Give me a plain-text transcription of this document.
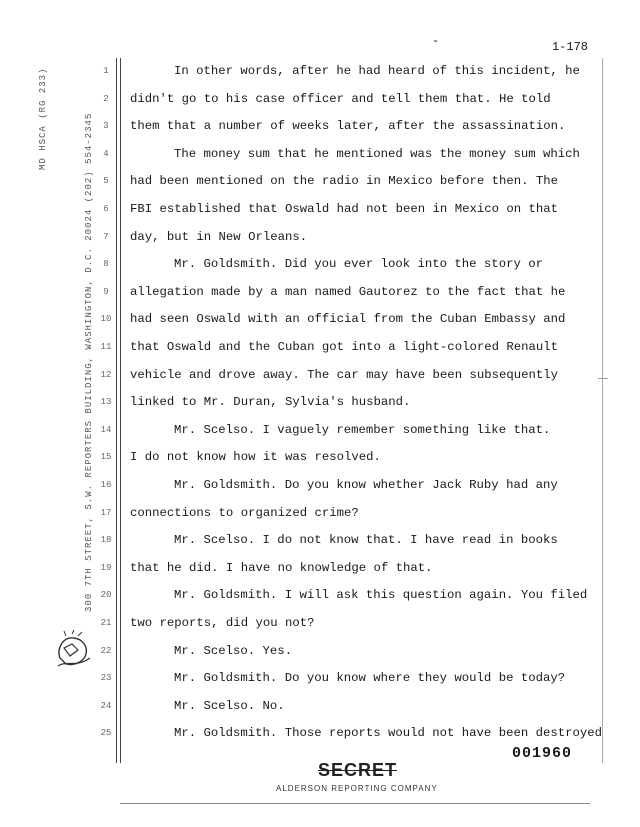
-	1-178
MD HSCA (RG 233)	300 7TH STREET, S.W. REPORTERS BUILDING, WASHINGTON, D.C. 20024 (202) 554-2345
1	In other words, after he had heard of this incident, he
2 didn't go to his case officer and tell them that. He told
3 them that a number of weeks later, after the assassination.
4	The money sum that he mentioned was the money sum which
5 had been mentioned on the radio in Mexico before then. The
6 FBI established that Oswald had not been in Mexico on that
7 day, but in New Orleans.
8	Mr. Goldsmith. Did you ever look into the story or
9 allegation made by a man named Gautorez to the fact that he
10 had seen Oswald with an official from the Cuban Embassy and
11 that Oswald and the Cuban got into a light-colored Renault
12 vehicle and drove away. The car may have been subsequently
13 linked to Mr. Duran, Sylvia's husband.
14	Mr. Scelso. I vaguely remember something like that.
15 I do not know how it was resolved.
16	Mr. Goldsmith. Do you know whether Jack Ruby had any
17 connections to organized crime?
18	Mr. Scelso. I do not know that. I have read in books
19 that he did. I have no knowledge of that.
20	Mr. Goldsmith. I will ask this question again. You filed
21 two reports, did you not?
22	Mr. Scelso. Yes.
23	Mr. Goldsmith. Do you know where they would be today?
24	Mr. Scelso. No.
25	Mr. Goldsmith. Those reports would not have been destroyed
001960
SECRET
ALDERSON REPORTING COMPANY
